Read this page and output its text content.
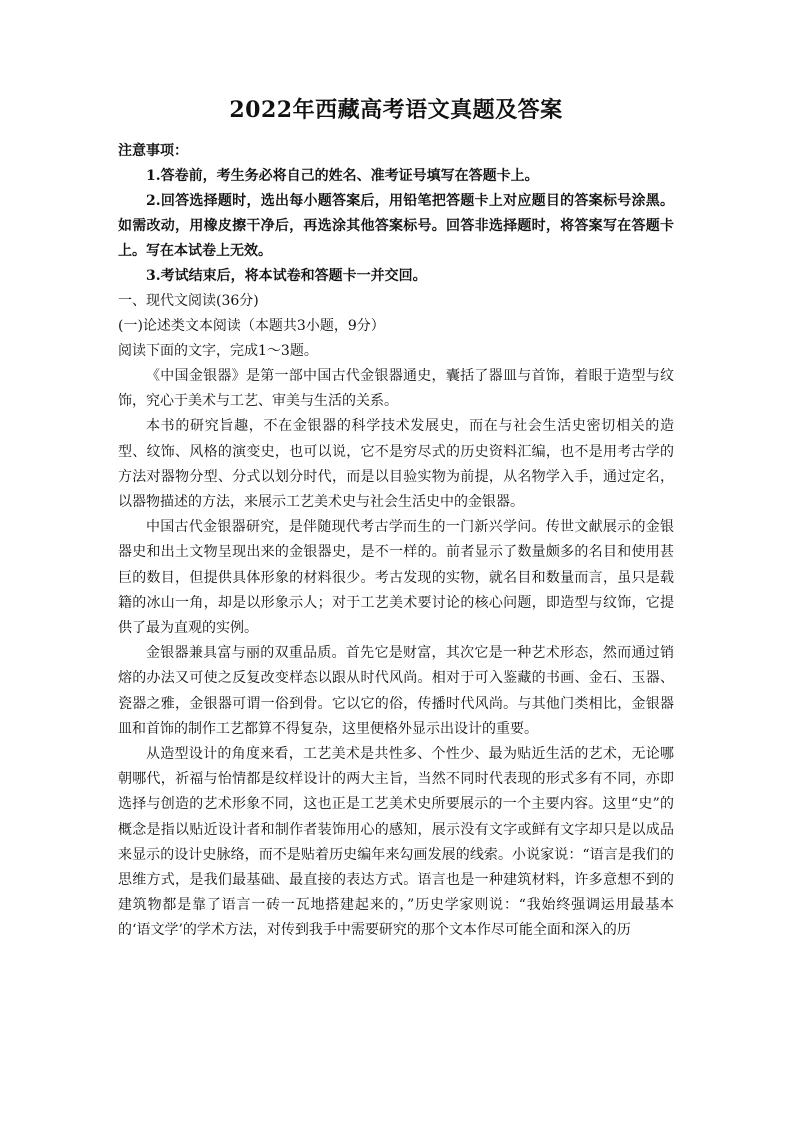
2022年西藏高考语文真题及答案

注意事项：

1.答卷前，考生务必将自己的姓名、准考证号填写在答题卡上。

2.回答选择题时，选出每小题答案后，用铅笔把答题卡上对应题目的答案标号涂黑。如需改动，用橡皮擦干净后，再选涂其他答案标号。回答非选择题时，将答案写在答题卡上。写在本试卷上无效。

3.考试结束后，将本试卷和答题卡一并交回。

一、现代文阅读(36分)

(一)论述类文本阅读（本题共3小题，9分）

阅读下面的文字，完成1～3题。

《中国金银器》是第一部中国古代金银器通史，囊括了器皿与首饰，着眼于造型与纹饰，究心于美术与工艺、审美与生活的关系。

本书的研究旨趣，不在金银器的科学技术发展史，而在与社会生活史密切相关的造型、纹饰、风格的演变史，也可以说，它不是穷尽式的历史资料汇编，也不是用考古学的方法对器物分型、分式以划分时代，而是以目验实物为前提，从名物学入手，通过定名，以器物描述的方法，来展示工艺美术史与社会生活史中的金银器。

中国古代金银器研究，是伴随现代考古学而生的一门新兴学问。传世文献展示的金银器史和出土文物呈现出来的金银器史，是不一样的。前者显示了数量颇多的名目和使用甚巨的数目，但提供具体形象的材料很少。考古发现的实物，就名目和数量而言，虽只是载籍的冰山一角，却是以形象示人；对于工艺美术要讨论的核心问题，即造型与纹饰，它提供了最为直观的实例。

金银器兼具富与丽的双重品质。首先它是财富，其次它是一种艺术形态，然而通过销熔的办法又可使之反复改变样态以跟从时代风尚。相对于可入鉴藏的书画、金石、玉器、瓷器之雅，金银器可谓一俗到骨。它以它的俗，传播时代风尚。与其他门类相比，金银器皿和首饰的制作工艺都算不得复杂，这里便格外显示出设计的重要。

从造型设计的角度来看，工艺美术是共性多、个性少、最为贴近生活的艺术，无论哪朝哪代，祈福与怡情都是纹样设计的两大主旨，当然不同时代表现的形式多有不同，亦即选择与创造的艺术形象不同，这也正是工艺美术史所要展示的一个主要内容。这里“史”的概念是指以贴近设计者和制作者装饰用心的感知，展示没有文字或鲜有文字却只是以成品来显示的设计史脉络，而不是贴着历史编年来勾画发展的线索。小说家说：“语言是我们的思维方式，是我们最基础、最直接的表达方式。语言也是一种建筑材料，许多意想不到的建筑物都是靠了语言一砖一瓦地搭建起来的，”历史学家则说：“我始终强调运用最基本的‘语文学’的学术方法，对传到我手中需要研究的那个文本作尽可能全面和深入的历
